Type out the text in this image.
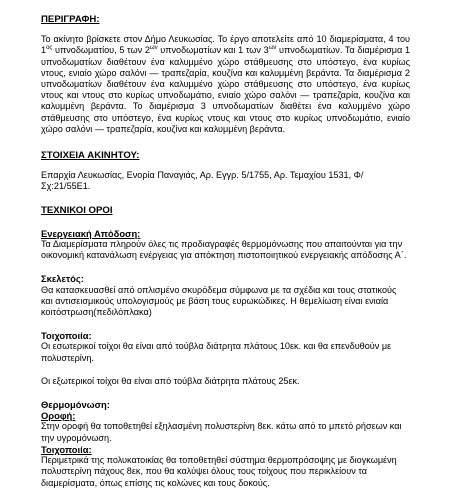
ΠΕΡΙΓΡΑΦΗ:

Το ακίνητο βρίσκετε στον Δήμο Λευκωσίας. Το έργο αποτελείτε από 10 διαμερίσματα, 4 του $1^{o\varsigma}$ υπνοδωματίου, 5 των $2^{\omega\nu}$ υπνοδωματίων και 1 των $3^{\omega\nu}$ υπνοδωματίων. Τα διαμέρισμα 1 υπνοδωματίων διαθέτουν ένα καλυμμένο χώρο στάθμευσης στο υπόστεγο, ένα κυρίως ντους, ενιαίο χώρο σαλόνι — τραπεζαρία, κουζίνα και καλυμμένη βεράντα. Τα διαμέρισμα 2 υπνοδωματίων διαθέτουν ένα καλυμμένο χώρο στάθμευσης στο υπόστεγο, ένα κυρίως ντους και ντους στο κυρίως υπνοδωμάτιο, ενιαίο χώρο σαλόνι — τραπεζαρία, κουζίνα και καλυμμένη βεράντα. Το διαμέρισμα 3 υπνοδωματίων διαθέτει ένα καλυμμένο χώρο στάθμευσης στο υπόστεγο, ένα κυρίως ντους και ντους στο κυρίως υπνοδωμάτιο, ενιαίο χώρο σαλόνι — τραπεζαρία, κουζίνα και καλυμμένη βεράντα.

ΣΤΟΙΧΕΙΑ ΑΚΙΝΗΤΟΥ:

Επαρχία Λευκωσίας, Ενορία Παναγιάς, Αρ. Εγγρ. 5/1755, Αρ. Τεμαχίου 1531, Φ/Σχ:21/55Ε1.

ΤΕΧΝΙΚΟΙ ΟΡΟΙ

Ενεργειακή Απόδοση:

Τα Διαμερίσματα πληρούν όλες τις προδιαγραφές θερμομόνωσης που απαιτούνται για την οικονομική κατανάλωση ενέργειας για απόκτηση πιστοποιητικού ενεργειακής απόδοσης Α΄.

Σκελετός:

Θα κατασκευασθεί από οπλισμένο σκυρόδεμα σύμφωνα με τα σχέδια και τους στατικούς και αντισεισμικούς υπολογισμούς με βάση τους ευρωκώδικες. Η θεμελίωση είναι ενιαία κοιτόστρωση(πεδιλόπλακα)

Τοιχοποιία:

Οι εσωτερικοί τοίχοι θα είναι από τούβλα διάτρητα πλάτους 10εκ. και θα επενδυθούν με πολυστερίνη.

Οι εξωτερικοί τοίχοι θα είναι από τούβλα διάτρητα πλάτους 25εκ.

Θερμομόνωση:

Οροφή:

Στην οροφή θα τοποθετηθεί εξηλασμένη πολυστερίνη 8εκ. κάτω από το μπετό ρήσεων και την υγρομόνωση.

Τοιχοποιία:

Περιμετρικά της πολυκατοικίας θα τοποθετηθεί σύστημα θερμοπρόσοψης με διογκωμένη πολυστερίνη πάχους 8εκ, που θα καλύψει όλους τους τοίχους που περικλείουν τα διαμερίσματα, όπως επίσης τις κολώνες και τους δοκούς.
